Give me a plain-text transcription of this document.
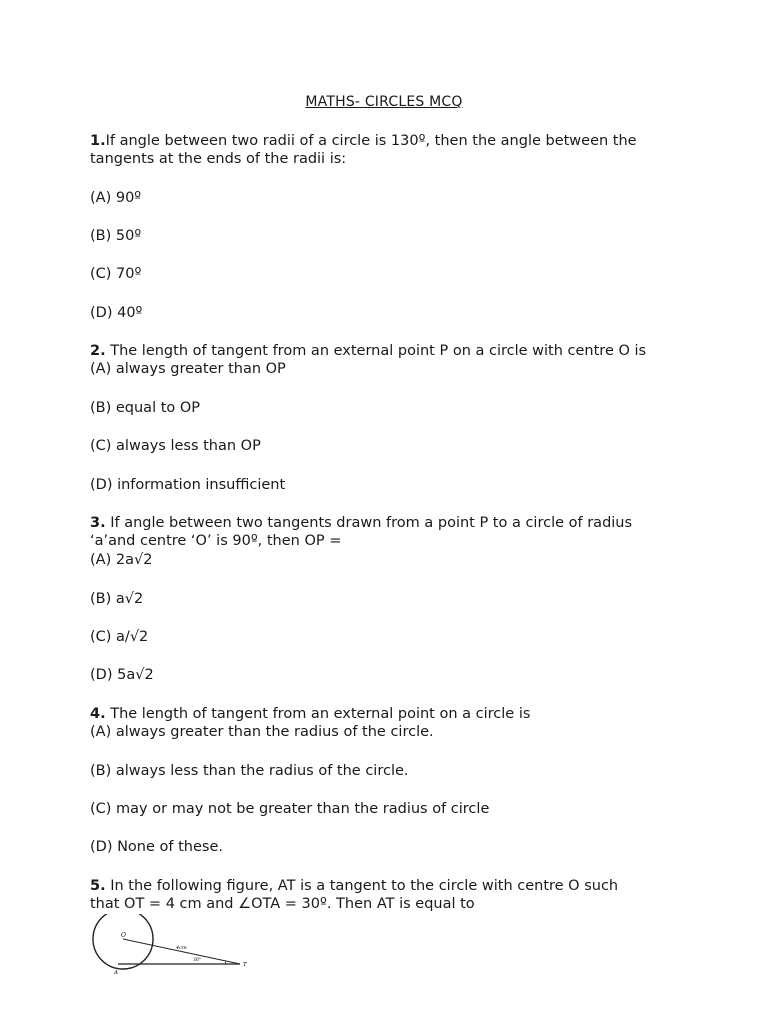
MATHS- CIRCLES MCQ
1.If angle between two radii of a circle is 130º, then the angle between the
tangents at the ends of the radii is:
(A) 90º
(B) 50º
(C) 70º
(D) 40º
2. The length of tangent from an external point P on a circle with centre O is
(A) always greater than OP
(B) equal to OP
(C) always less than OP
(D) information insufficient
3. If angle between two tangents drawn from a point P to a circle of radius
‘a’and centre ‘O’ is 90º, then OP =
(A) 2a√2
(B) a√2
(C) a/√2
(D) 5a√2
4. The length of tangent from an external point on a circle is
(A) always greater than the radius of the circle.
(B) always less than the radius of the circle.
(C) may or may not be greater than the radius of circle
(D) None of these.
5. In the following figure, AT is a tangent to the circle with centre O such
that OT = 4 cm and ∠OTA = 30º. Then AT is equal to
O
4cm
30°
A
T
